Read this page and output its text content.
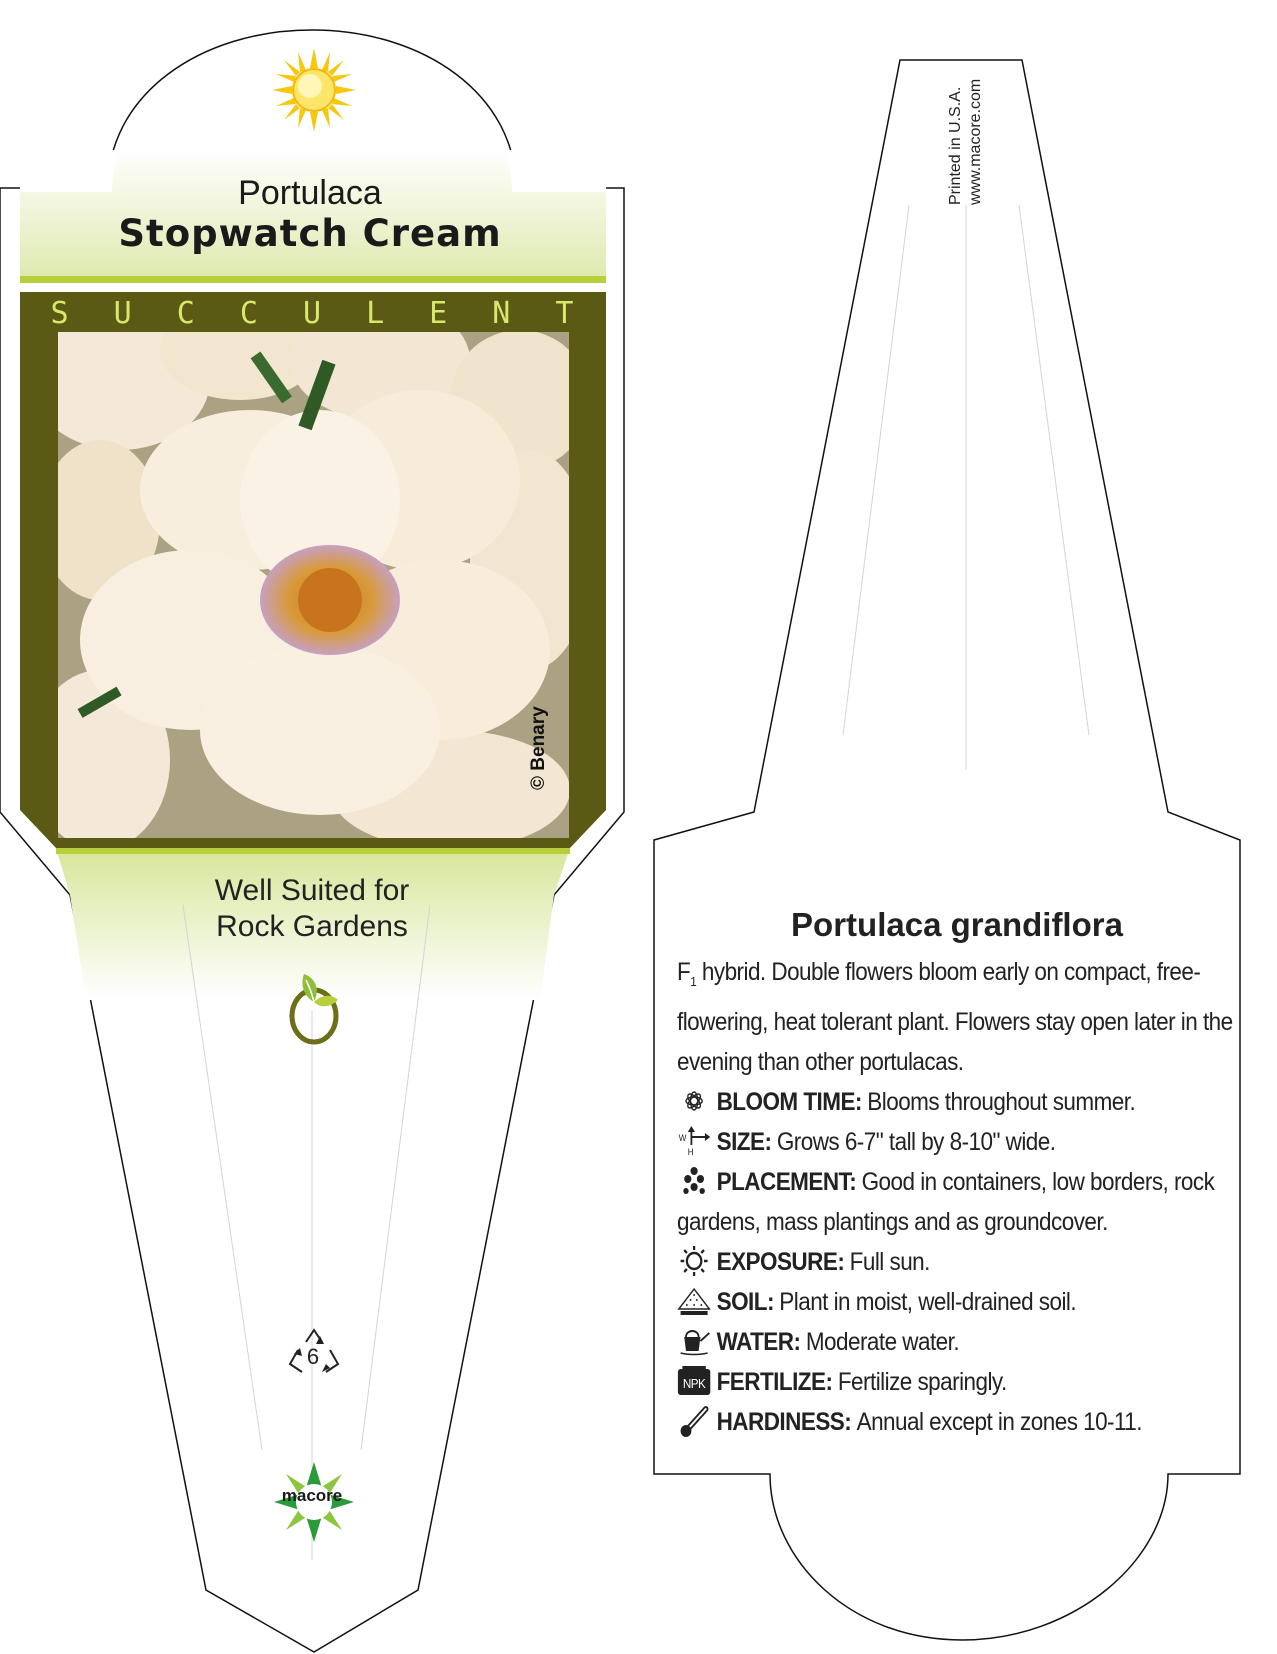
Portulaca
Stopwatch Cream
S U C C U L E N T
© Benary
Well Suited for
Rock Gardens
6
macore
Printed in U.S.A. www.macore.com
Portulaca grandiflora
$F_1$ hybrid. Double flowers bloom early on compact, free-flowering, heat tolerant plant. Flowers stay open later in the evening than other portulacas.
BLOOM TIME: Blooms throughout summer.
W
H SIZE: Grows 6-7" tall by 8-10" wide.
PLACEMENT: Good in containers, low borders, rock gardens, mass plantings and as groundcover.
EXPOSURE: Full sun.
SOIL: Plant in moist, well-drained soil.
WATER: Moderate water.
NPK FERTILIZE: Fertilize sparingly.
HARDINESS: Annual except in zones 10-11.
